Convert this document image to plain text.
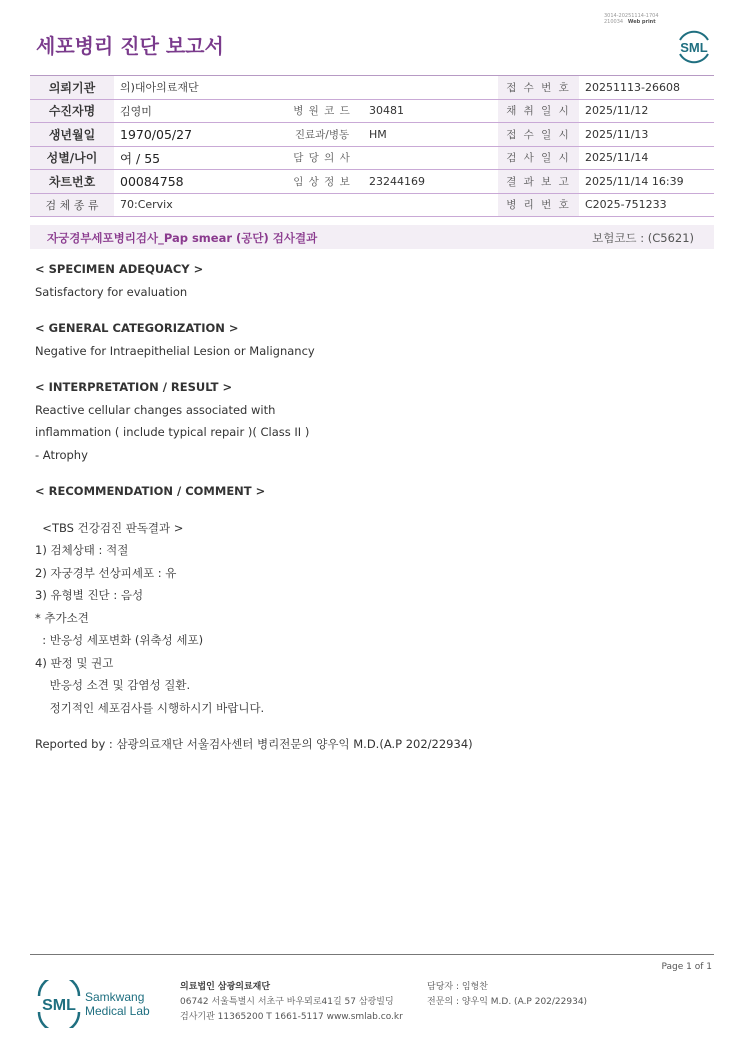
3014-20251114-1704
210034 Web print
세포병리 진단 보고서	SML
의뢰기관	의)대아의료재단			접 수 번 호	20251113-26608
수진자명	김영미	병 원 코 드	30481	채 취 일 시	2025/11/12
생년월일	1970/05/27	진료과/병동	HM	접 수 일 시	2025/11/13
성별/나이	여 / 55	담 당 의 사		검 사 일 시	2025/11/14
차트번호	00084758	임 상 정 보	23244169	결 과 보 고	2025/11/14 16:39
검 체 종 류	70:Cervix			병 리 번 호	C2025-751233
자궁경부세포병리검사_Pap smear (공단) 검사결과	보험코드 : (C5621)
< SPECIMEN ADEQUACY >
Satisfactory for evaluation
< GENERAL CATEGORIZATION >
Negative for Intraepithelial Lesion or Malignancy
< INTERPRETATION / RESULT >
Reactive cellular changes associated with
inflammation ( include typical repair )( Class II )
- Atrophy
< RECOMMENDATION / COMMENT >
<TBS 건강검진 판독결과 >
1) 검체상태 : 적절
2) 자궁경부 선상피세포 : 유
3) 유형별 진단 : 음성
* 추가소견
: 반응성 세포변화 (위축성 세포)
4) 판정 및 권고
반응성 소견 및 감염성 질환.
정기적인 세포검사를 시행하시기 바랍니다.
Reported by : 삼광의료재단 서울검사센터 병리전문의 양우익 M.D.(A.P 202/22934)
Page 1 of 1
SML Samkwang
Medical Lab
의료법인 삼광의료재단
06742 서울특별시 서초구 바우뫼로41길 57 삼광빌딩
검사기관 11365200 T 1661-5117 www.smlab.co.kr
담당자 : 임형찬
전문의 : 양우익 M.D. (A.P 202/22934)
